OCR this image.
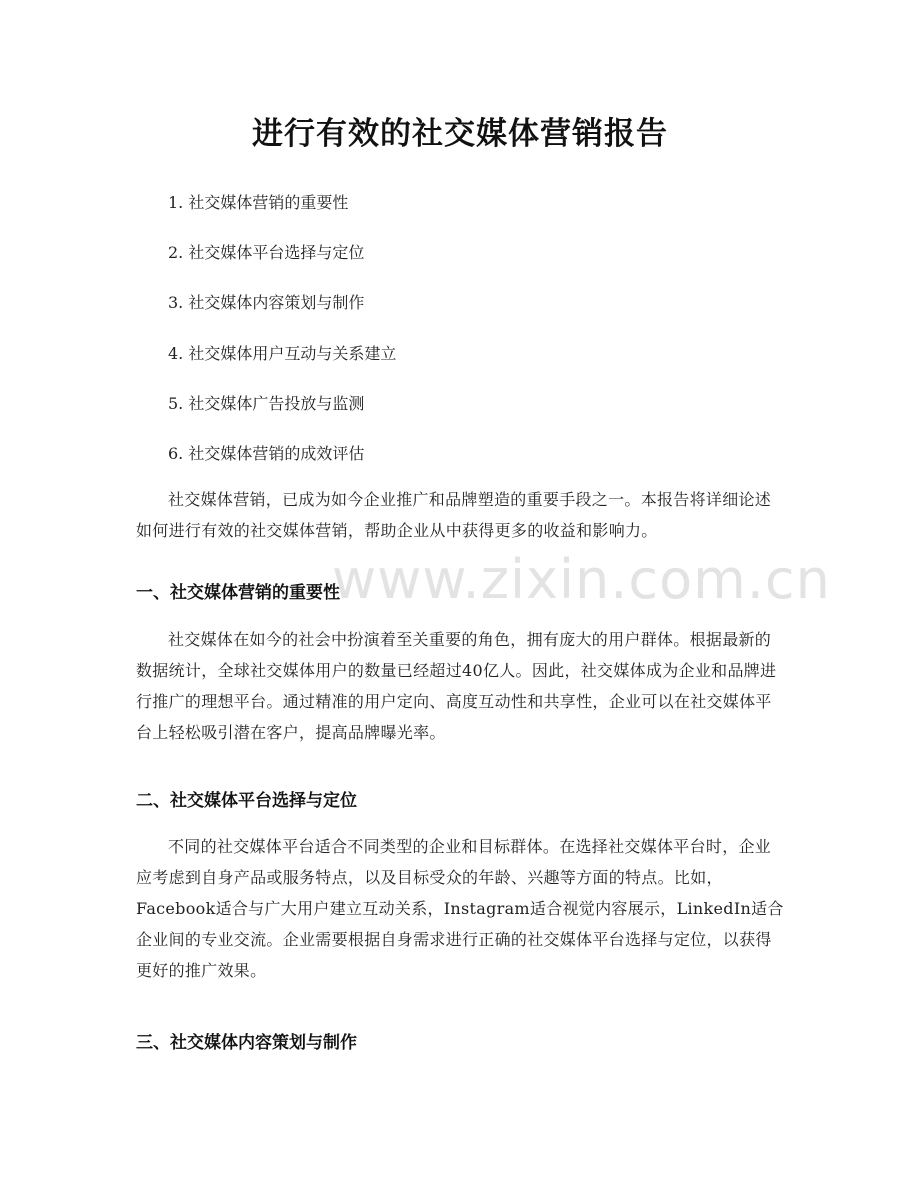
www.zixin.com.cn
进行有效的社交媒体营销报告
1. 社交媒体营销的重要性
2. 社交媒体平台选择与定位
3. 社交媒体内容策划与制作
4. 社交媒体用户互动与关系建立
5. 社交媒体广告投放与监测
6. 社交媒体营销的成效评估

社交媒体营销，已成为如今企业推广和品牌塑造的重要手段之一。本报告将详细论述如何进行有效的社交媒体营销，帮助企业从中获得更多的收益和影响力。

一、社交媒体营销的重要性

社交媒体在如今的社会中扮演着至关重要的角色，拥有庞大的用户群体。根据最新的数据统计，全球社交媒体用户的数量已经超过40亿人。因此，社交媒体成为企业和品牌进行推广的理想平台。通过精准的用户定向、高度互动性和共享性，企业可以在社交媒体平台上轻松吸引潜在客户，提高品牌曝光率。

二、社交媒体平台选择与定位

不同的社交媒体平台适合不同类型的企业和目标群体。在选择社交媒体平台时，企业应考虑到自身产品或服务特点，以及目标受众的年龄、兴趣等方面的特点。比如，Facebook适合与广大用户建立互动关系，Instagram适合视觉内容展示，LinkedIn适合企业间的专业交流。企业需要根据自身需求进行正确的社交媒体平台选择与定位，以获得更好的推广效果。

三、社交媒体内容策划与制作
